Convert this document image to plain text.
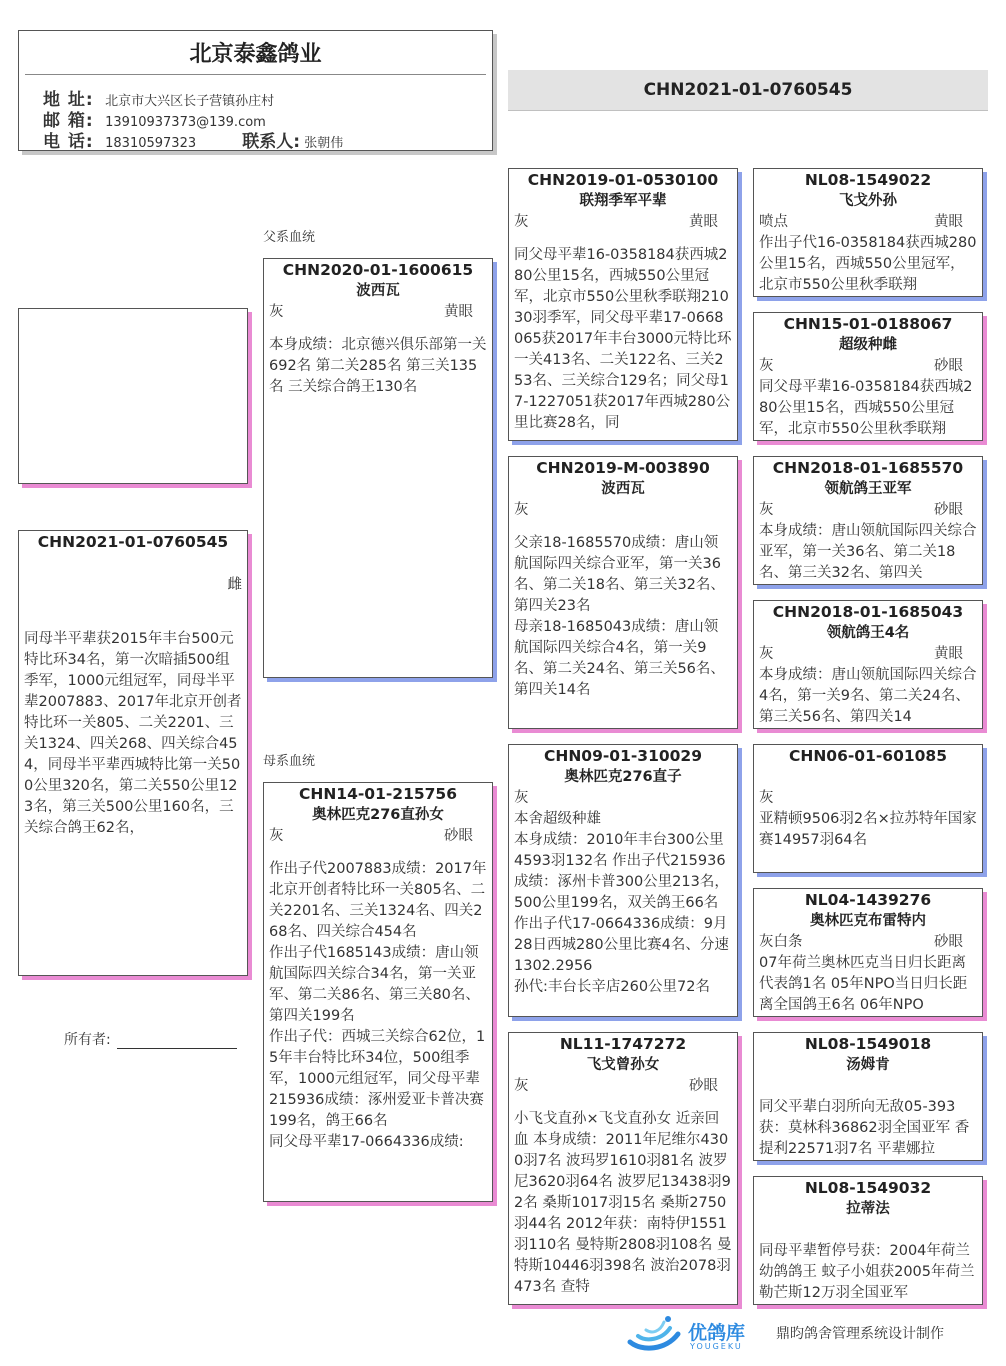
北京泰鑫鸽业
地 址: 北京市大兴区长子营镇孙庄村
邮 箱: 13910937373@139.com
电 话: 18310597323	联系人: 张朝伟
CHN2021-01-0760545
CHN2021-01-0760545
雌
同母半平辈获2015年丰台500元特比环34名，第一次暗插500组季军，1000元组冠军，同母半平辈2007883、2017年北京开创者特比环一关805、二关2201、三关1324、四关268、四关综合454，同母半平辈西城特比第一关500公里320名，第二关550公里123名，第三关500公里160名，三关综合鸽王62名，
父系血统
母系血统
所有者:
CHN2020-01-1600615
波西瓦
灰	黄眼
本身成绩：北京德兴俱乐部第一关692名 第二关285名 第三关135名 三关综合鸽王130名
CHN14-01-215756
奥林匹克276直孙女
灰	砂眼
作出子代2007883成绩：2017年北京开创者特比环一关805名、二关2201名、三关1324名、四关268名、四关综合454名
作出子代1685143成绩：唐山领航国际四关综合34名，第一关亚军、第二关86名、第三关80名、第四关199名
作出子代：西城三关综合62位，15年丰台特比环34位，500组季军，1000元组冠军，同父母平辈215936成绩：涿州爱亚卡普决赛199名，鸽王66名
同父母平辈17-0664336成绩:
CHN2019-01-0530100
联翔季军平辈
灰	黄眼
同父母平辈16-0358184获西城280公里15名，西城550公里冠军，北京市550公里秋季联翔21030羽季军，同父母平辈17-0668065获2017年丰台3000元特比环一关413名、二关122名、三关253名、三关综合129名；同父母17-1227051获2017年西城280公里比赛28名，同
CHN2019-M-003890
波西瓦
灰
父亲18-1685570成绩：唐山领航国际四关综合亚军，第一关36名、第二关18名、第三关32名、第四关23名
母亲18-1685043成绩：唐山领航国际四关综合4名，第一关9名、第二关24名、第三关56名、第四关14名
CHN09-01-310029
奥林匹克276直子
灰
本舍超级种雄
本身成绩：2010年丰台300公里4593羽132名 作出子代215936成绩：涿州卡普300公里213名，500公里199名，双关鸽王66名 作出子代17-0664336成绩：9月28日西城280公里比赛4名、分速1302.2956
孙代:丰台长辛店260公里72名
NL11-1747272
飞戈曾孙女
灰	砂眼
小飞戈直孙×飞戈直孙女 近亲回血 本身成绩：2011年尼维尔4300羽7名 波玛罗1610羽81名 波罗尼3620羽64名 波罗尼13438羽92名 桑斯1017羽15名 桑斯2750羽44名 2012年获：南特伊1551羽110名 曼特斯2808羽108名 曼特斯10446羽398名 波治2078羽473名 查特
NL08-1549022
飞戈外孙
喷点	黄眼
作出子代16-0358184获西城280公里15名，西城550公里冠军，北京市550公里秋季联翔
CHN15-01-0188067
超级种雌
灰	砂眼
同父母平辈16-0358184获西城280公里15名，西城550公里冠军，北京市550公里秋季联翔
CHN2018-01-1685570
领航鸽王亚军
灰	砂眼
本身成绩：唐山领航国际四关综合亚军，第一关36名、第二关18名、第三关32名、第四关
CHN2018-01-1685043
领航鸽王4名
灰	黄眼
本身成绩：唐山领航国际四关综合4名，第一关9名、第二关24名、第三关56名、第四关14
CHN06-01-601085

灰
亚精顿9506羽2名×拉苏特年国家赛14957羽64名
NL04-1439276
奥林匹克布雷特内
灰白条	砂眼
07年荷兰奥林匹克当日归长距离代表鸽1名 05年NPO当日归长距离全国鸽王6名 06年NPO
NL08-1549018
汤姆肯
同父平辈白羽所向无敌05-393获：莫林科36862羽全国亚军 香提利22571羽7名 平辈娜拉
NL08-1549032
拉蒂法
同母平辈暂停号获：2004年荷兰幼鸽鸽王 蚊子小姐获2005年荷兰勒芒斯12万羽全国亚军
优鸽库
YOUGEKU
鼎昀鸽舍管理系统设计制作
